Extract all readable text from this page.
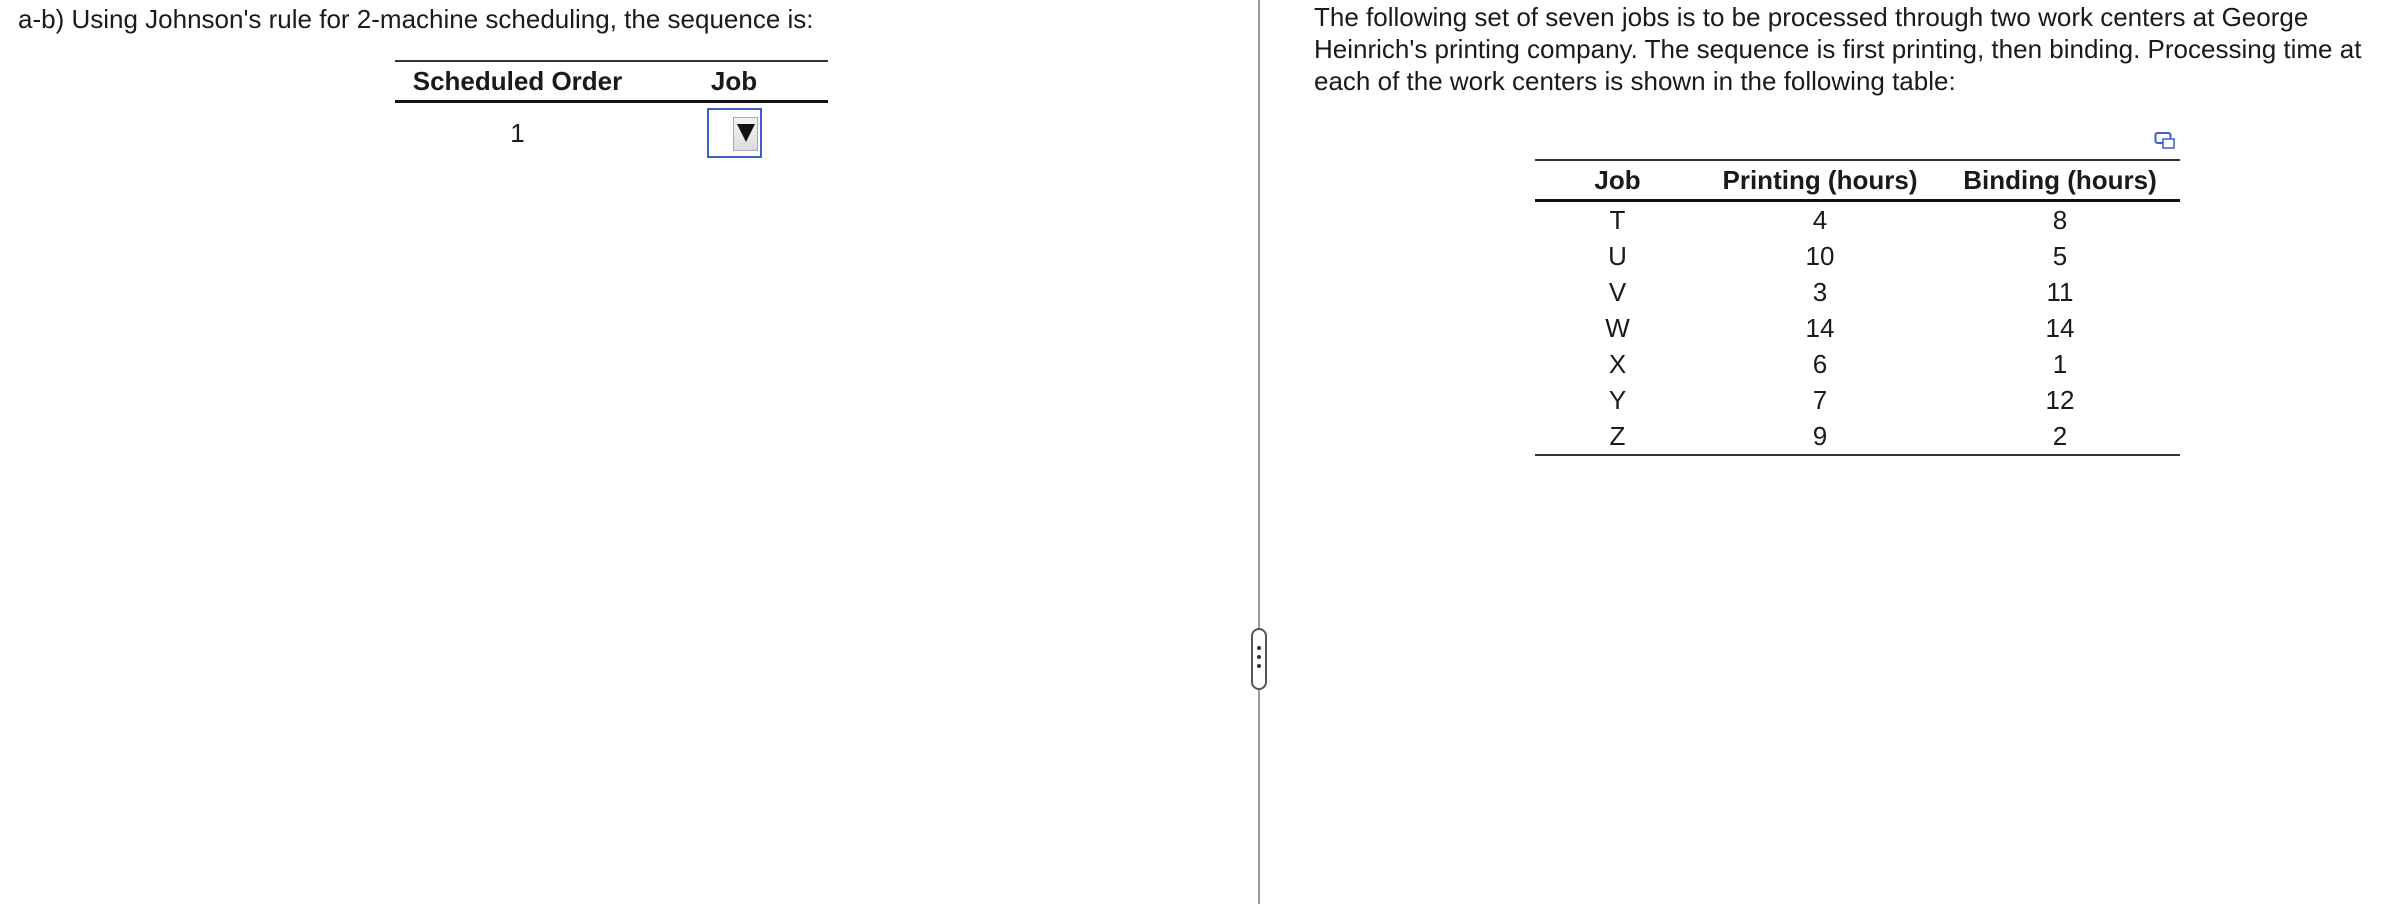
a-b) Using Johnson's rule for 2-machine scheduling, the sequence is:
Scheduled Order	Job
1	
The following set of seven jobs is to be processed through two work centers at George Heinrich's printing company. The sequence is first printing, then binding. Processing time at each of the work centers is shown in the following table:
Job	Printing (hours)	Binding (hours)
T	4	8
U	10	5
V	3	11
W	14	14
X	6	1
Y	7	12
Z	9	2
